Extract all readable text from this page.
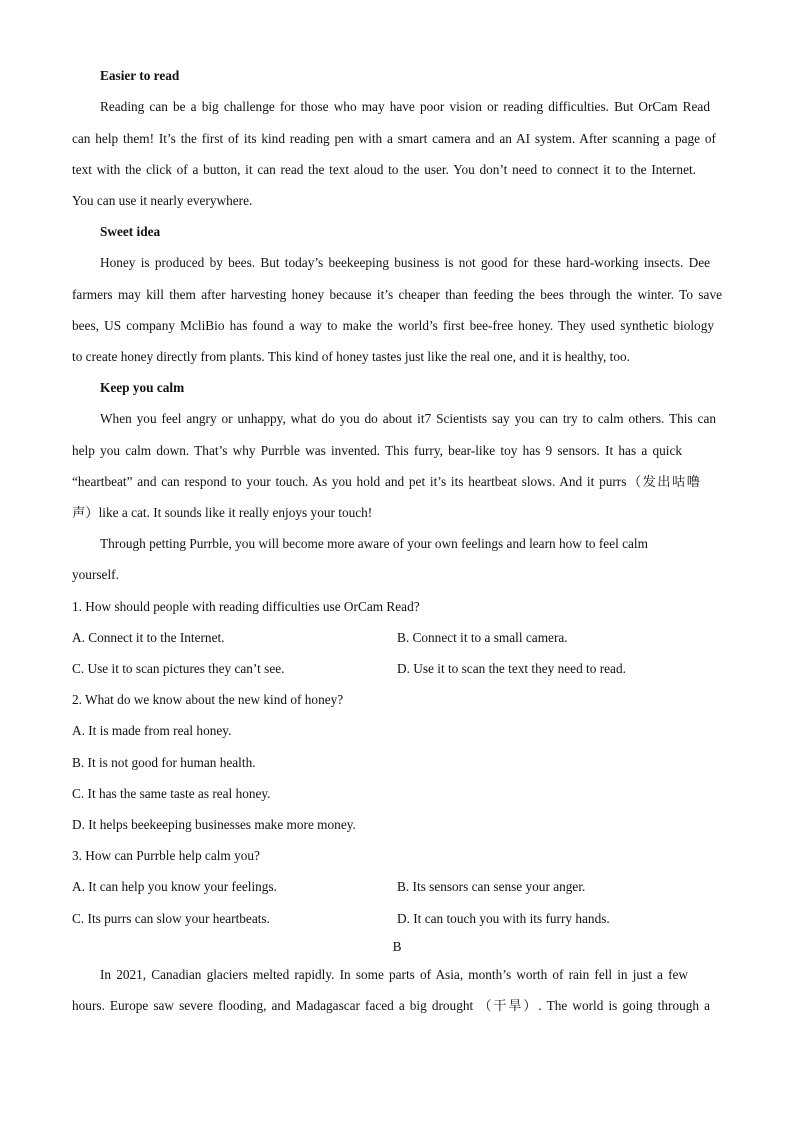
Easier to read
Reading can be a big challenge for those who may have poor vision or reading difficulties. But OrCam Read
can help them! It’s the first of its kind reading pen with a smart camera and an AI system. After scanning a page of
text with the click of a button, it can read the text aloud to the user. You don’t need to connect it to the Internet.
You can use it nearly everywhere.
Sweet idea
Honey is produced by bees. But today’s beekeeping business is not good for these hard-working insects. Dee
farmers may kill them after harvesting honey because it’s cheaper than feeding the bees through the winter. To save
bees, US company McliBio has found a way to make the world’s first bee-free honey. They used synthetic biology
to create honey directly from plants. This kind of honey tastes just like the real one, and it is healthy, too.
Keep you calm
When you feel angry or unhappy, what do you do about it7 Scientists say you can try to calm others. This can
help you calm down. That’s why Purrble was invented. This furry, bear-like toy has 9 sensors. It has a quick
“heartbeat” and can respond to your touch. As you hold and pet it’s its heartbeat slows. And it purrs（发出咕噜
声）like a cat. It sounds like it really enjoys your touch!
Through petting Purrble, you will become more aware of your own feelings and learn how to feel calm
yourself.
1. How should people with reading difficulties use OrCam Read?
A. Connect it to the Internet.	B. Connect it to a small camera.
C. Use it to scan pictures they can’t see.	D. Use it to scan the text they need to read.
2. What do we know about the new kind of honey?
A. It is made from real honey.
B. It is not good for human health.
C. It has the same taste as real honey.
D. It helps beekeeping businesses make more money.
3. How can Purrble help calm you?
A. It can help you know your feelings.	B. Its sensors can sense your anger.
C. Its purrs can slow your heartbeats.	D. It can touch you with its furry hands.
B
In 2021, Canadian glaciers melted rapidly. In some parts of Asia, month’s worth of rain fell in just a few
hours. Europe saw severe flooding, and Madagascar faced a big drought （干旱）. The world is going through a
